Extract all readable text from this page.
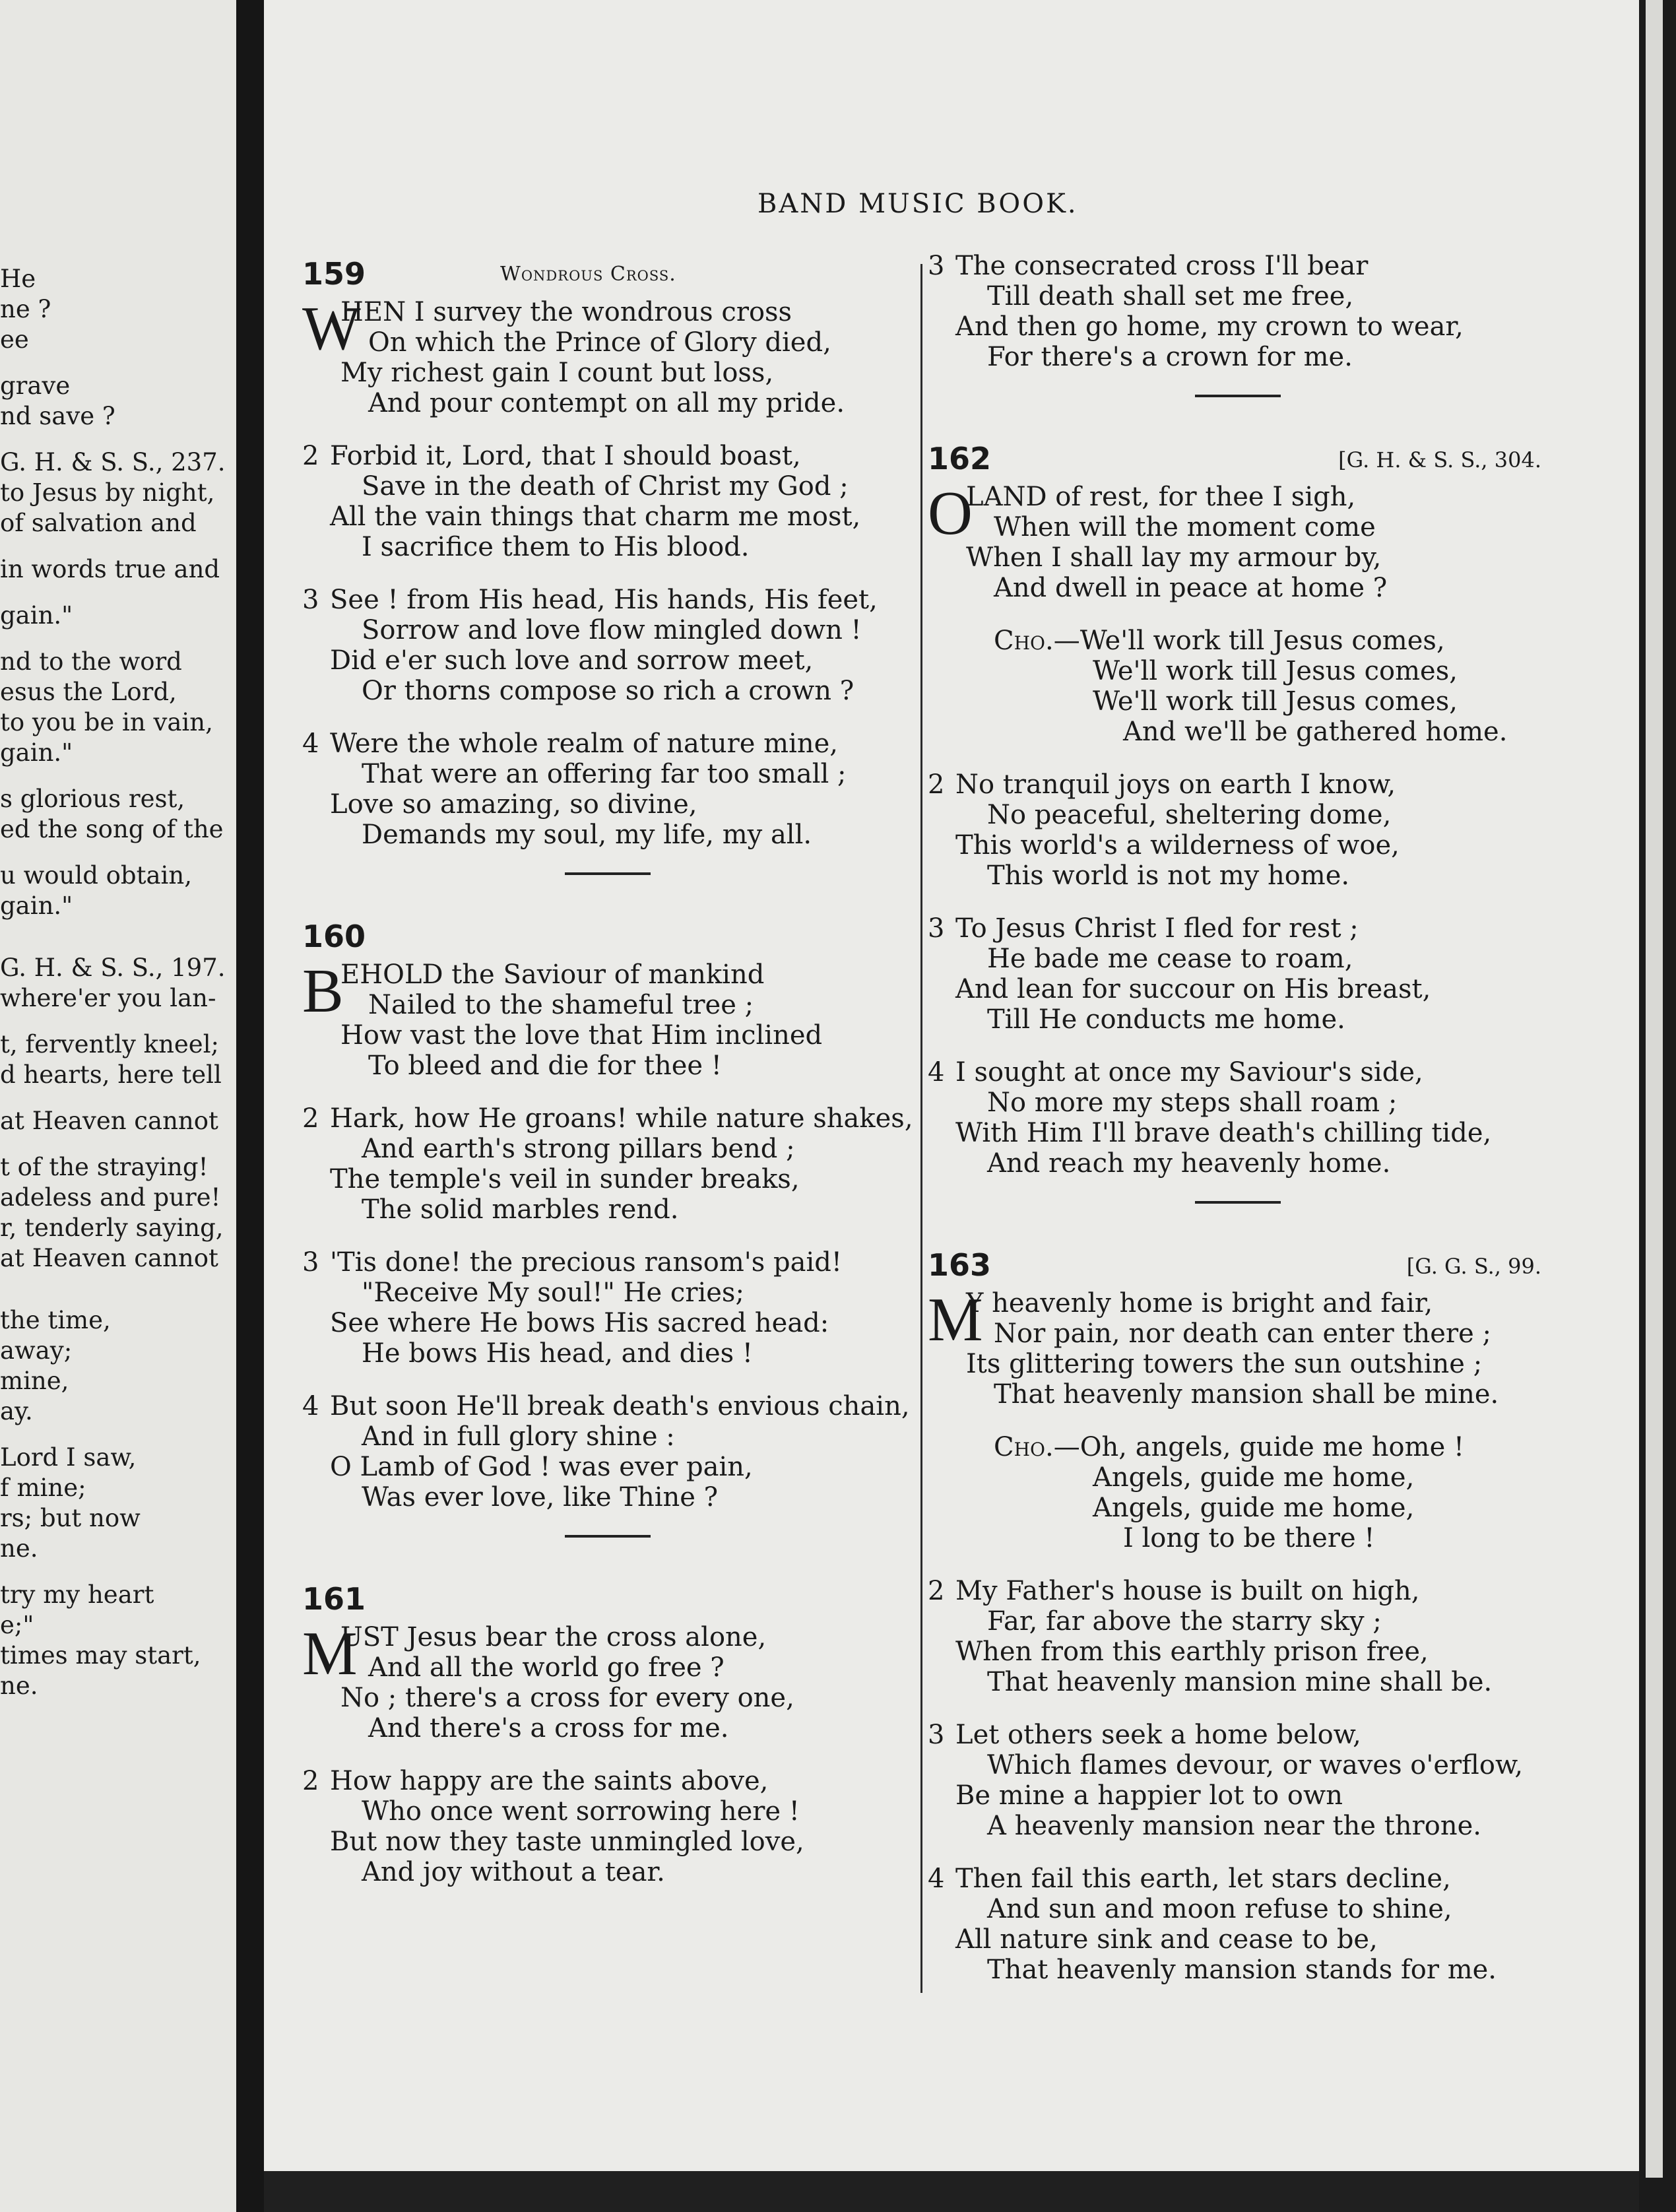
He
ne ?
ee
grave
nd save ?
G. H. & S. S., 237.
to Jesus by night,
of salvation and
in words true and
gain."
nd to the word
esus the Lord,
to you be in vain,
gain."
s glorious rest,
ed the song of the
u would obtain,
gain."
G. H. & S. S., 197.
where'er you lan-
t, fervently kneel;
d hearts, here tell
at Heaven cannot
t of the straying!
adeless and pure!
r, tenderly saying,
at Heaven cannot
the time,
away;
mine,
ay.
Lord I saw,
f mine;
rs; but now
ne.
try my heart
e;"
times may start,
ne.
BAND MUSIC BOOK.
159	Wondrous Cross.
W
HEN I survey the wondrous cross
On which the Prince of Glory died,
My richest gain I count but loss,
And pour contempt on all my pride.
2 Forbid it, Lord, that I should boast,
Save in the death of Christ my God ;
All the vain things that charm me most,
I sacrifice them to His blood.
3 See ! from His head, His hands, His feet,
Sorrow and love flow mingled down !
Did e'er such love and sorrow meet,
Or thorns compose so rich a crown ?
4 Were the whole realm of nature mine,
That were an offering far too small ;
Love so amazing, so divine,
Demands my soul, my life, my all.
160
B
EHOLD the Saviour of mankind
Nailed to the shameful tree ;
How vast the love that Him inclined
To bleed and die for thee !
2 Hark, how He groans! while nature shakes,
And earth's strong pillars bend ;
The temple's veil in sunder breaks,
The solid marbles rend.
3 'Tis done! the precious ransom's paid!
"Receive My soul!" He cries;
See where He bows His sacred head:
He bows His head, and dies !
4 But soon He'll break death's envious chain,
And in full glory shine :
O Lamb of God ! was ever pain,
Was ever love, like Thine ?
161
M
UST Jesus bear the cross alone,
And all the world go free ?
No ; there's a cross for every one,
And there's a cross for me.
2 How happy are the saints above,
Who once went sorrowing here !
But now they taste unmingled love,
And joy without a tear.
3 The consecrated cross I'll bear
Till death shall set me free,
And then go home, my crown to wear,
For there's a crown for me.
162	[G. H. & S. S., 304.
O
LAND of rest, for thee I sigh,
When will the moment come
When I shall lay my armour by,
And dwell in peace at home ?
Cho.—We'll work till Jesus comes,
We'll work till Jesus comes,
We'll work till Jesus comes,
And we'll be gathered home.
2 No tranquil joys on earth I know,
No peaceful, sheltering dome,
This world's a wilderness of woe,
This world is not my home.
3 To Jesus Christ I fled for rest ;
He bade me cease to roam,
And lean for succour on His breast,
Till He conducts me home.
4 I sought at once my Saviour's side,
No more my steps shall roam ;
With Him I'll brave death's chilling tide,
And reach my heavenly home.
163	[G. G. S., 99.
M
Y heavenly home is bright and fair,
Nor pain, nor death can enter there ;
Its glittering towers the sun outshine ;
That heavenly mansion shall be mine.
Cho.—Oh, angels, guide me home !
Angels, guide me home,
Angels, guide me home,
I long to be there !
2 My Father's house is built on high,
Far, far above the starry sky ;
When from this earthly prison free,
That heavenly mansion mine shall be.
3 Let others seek a home below,
Which flames devour, or waves o'erflow,
Be mine a happier lot to own
A heavenly mansion near the throne.
4 Then fail this earth, let stars decline,
And sun and moon refuse to shine,
All nature sink and cease to be,
That heavenly mansion stands for me.
